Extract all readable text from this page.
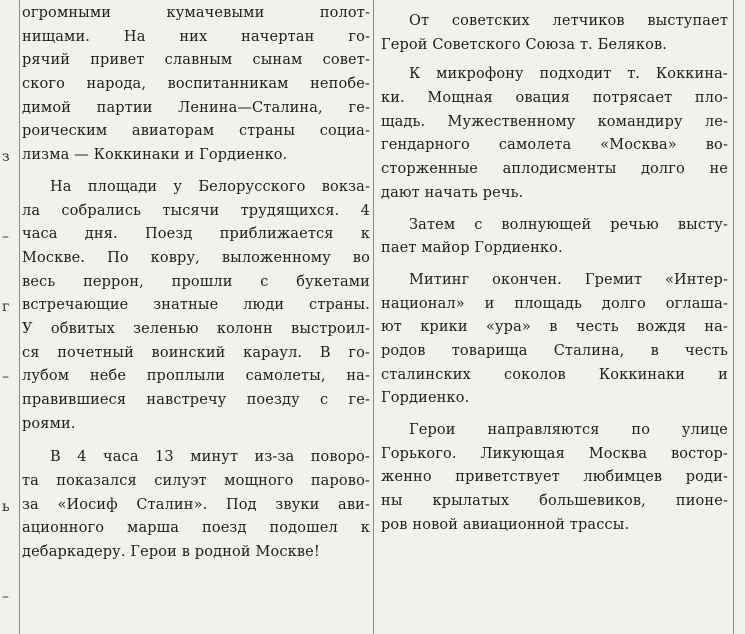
з
–
г
–
ь
–
огромными кумачевыми полот-
нищами. На них начертан го-
рячий привет славным сынам совет-
ского народа, воспитанникам непобе-
димой партии Ленина—Сталина, ге-
роическим авиаторам страны социа-
лизма — Коккинаки и Гордиенко.
На площади у Белорусского вокза-
ла собрались тысячи трудящихся. 4
часа дня. Поезд приближается к
Москве. По ковру, выложенному во
весь перрон, прошли с букетами
встречающие знатные люди страны.
У обвитых зеленью колонн выстроил-
ся почетный воинский караул. В го-
лубом небе проплыли самолеты, на-
правившиеся навстречу поезду с ге-
роями.
В 4 часа 13 минут из-за поворо-
та показался силуэт мощного парово-
за «Иосиф Сталин». Под звуки ави-
ационного марша поезд подошел к
дебаркадеру. Герои в родной Москве!
От советских летчиков выступает
Герой Советского Союза т. Беляков.
К микрофону подходит т. Коккина-
ки. Мощная овация потрясает пло-
щадь. Мужественному командиру ле-
гендарного самолета «Москва» во-
сторженные аплодисменты долго не
дают начать речь.
Затем с волнующей речью высту-
пает майор Гордиенко.
Митинг окончен. Гремит «Интер-
национал» и площадь долго оглаша-
ют крики «ура» в честь вождя на-
родов товарища Сталина, в честь
сталинских соколов Коккинаки и
Гордиенко.
Герои направляются по улице
Горького. Ликующая Москва востор-
женно приветствует любимцев роди-
ны крылатых большевиков, пионе-
ров новой авиационной трассы.
